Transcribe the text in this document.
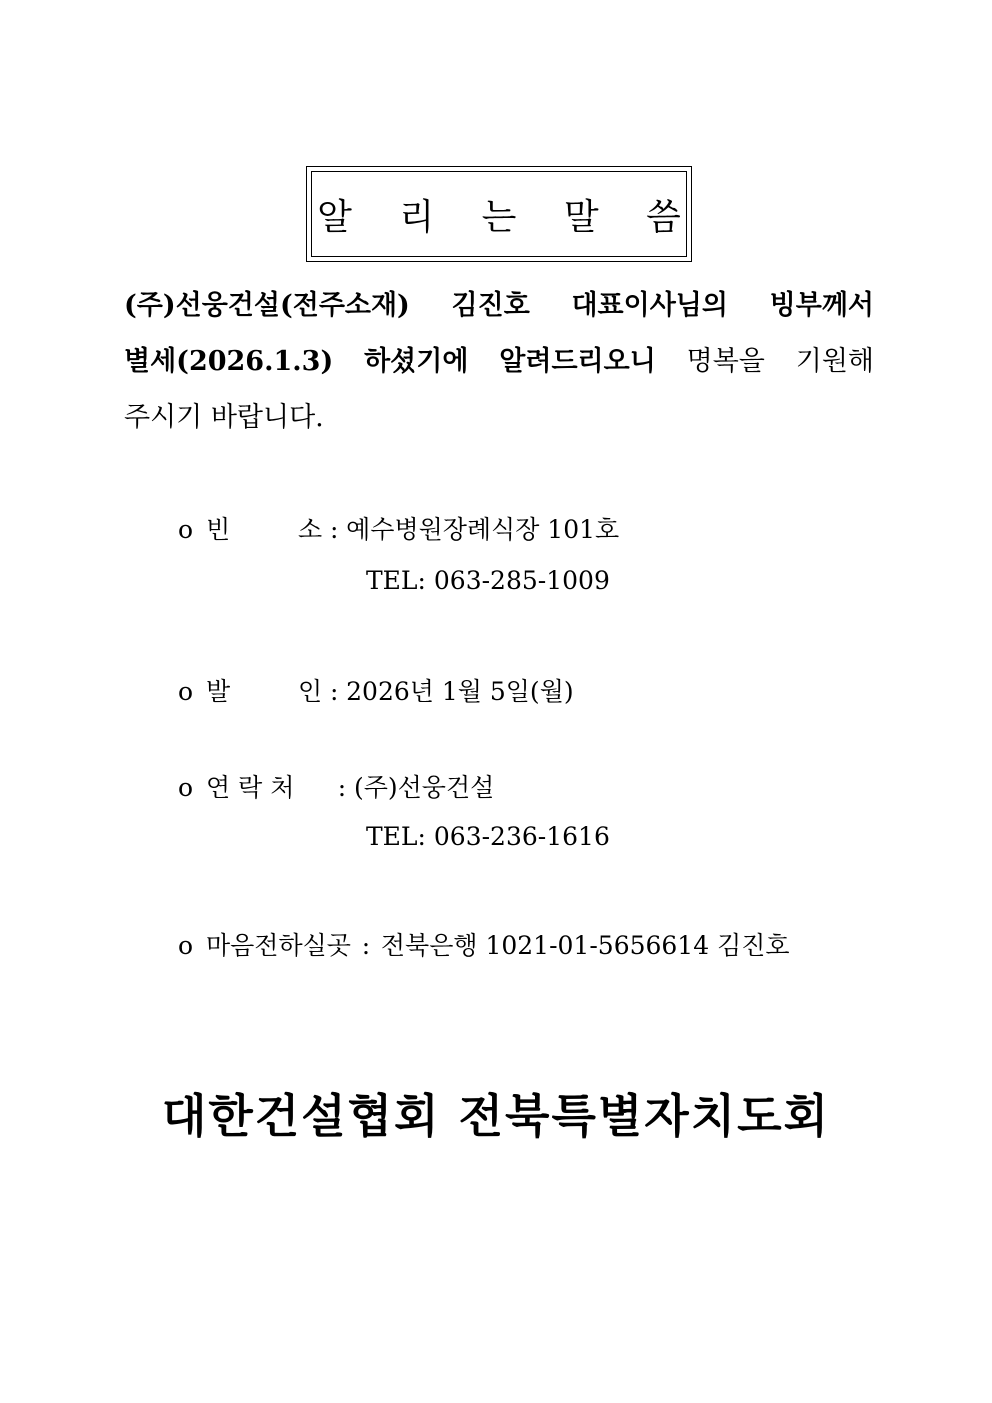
알 리 는 말 씀
(주)선웅건설(전주소재) 김진호 대표이사님의 빙부께서
별세(2026.1.3) 하셨기에 알려드리오니 명복을 기원해
주시기 바랍니다.
o 빈	소 : 예수병원장례식장 101호
TEL: 063-285-1009
o 발	인 : 2026년 1월 5일(월)
o 연 락 처	: (주)선웅건설
TEL: 063-236-1616
o 마음전하실곳 : 전북은행 1021-01-5656614 김진호
대한건설협회 전북특별자치도회
